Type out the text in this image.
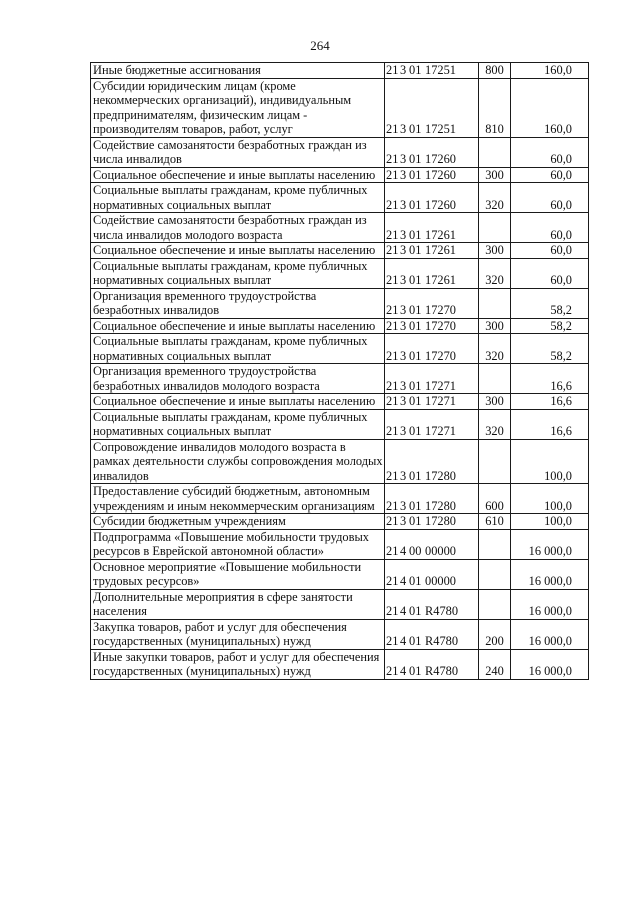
264
Иные бюджетные ассигнования	21 3 01 17251	800	160,0
Субсидии юридическим лицам (кроме некоммерческих организаций), индивидуальным предпринимателям, физическим лицам - производителям товаров, работ, услуг	21 3 01 17251	810	160,0
Содействие самозанятости безработных граждан из числа инвалидов	21 3 01 17260		60,0
Социальное обеспечение и иные выплаты населению	21 3 01 17260	300	60,0
Социальные выплаты гражданам, кроме публичных нормативных социальных выплат	21 3 01 17260	320	60,0
Содействие самозанятости безработных граждан из числа инвалидов молодого возраста	21 3 01 17261		60,0
Социальное обеспечение и иные выплаты населению	21 3 01 17261	300	60,0
Социальные выплаты гражданам, кроме публичных нормативных социальных выплат	21 3 01 17261	320	60,0
Организация временного трудоустройства безработных инвалидов	21 3 01 17270		58,2
Социальное обеспечение и иные выплаты населению	21 3 01 17270	300	58,2
Социальные выплаты гражданам, кроме публичных нормативных социальных выплат	21 3 01 17270	320	58,2
Организация временного трудоустройства безработных инвалидов молодого возраста	21 3 01 17271		16,6
Социальное обеспечение и иные выплаты населению	21 3 01 17271	300	16,6
Социальные выплаты гражданам, кроме публичных нормативных социальных выплат	21 3 01 17271	320	16,6
Сопровождение инвалидов молодого возраста в рамках деятельности службы сопровождения молодых инвалидов	21 3 01 17280		100,0
Предоставление субсидий бюджетным, автономным учреждениям и иным некоммерческим организациям	21 3 01 17280	600	100,0
Субсидии бюджетным учреждениям	21 3 01 17280	610	100,0
Подпрограмма «Повышение мобильности трудовых ресурсов в Еврейской автономной области»	21 4 00 00000		16 000,0
Основное мероприятие «Повышение мобильности трудовых ресурсов»	21 4 01 00000		16 000,0
Дополнительные мероприятия в сфере занятости населения	21 4 01 R4780		16 000,0
Закупка товаров, работ и услуг для обеспечения государственных (муниципальных) нужд	21 4 01 R4780	200	16 000,0
Иные закупки товаров, работ и услуг для обеспечения государственных (муниципальных) нужд	21 4 01 R4780	240	16 000,0
